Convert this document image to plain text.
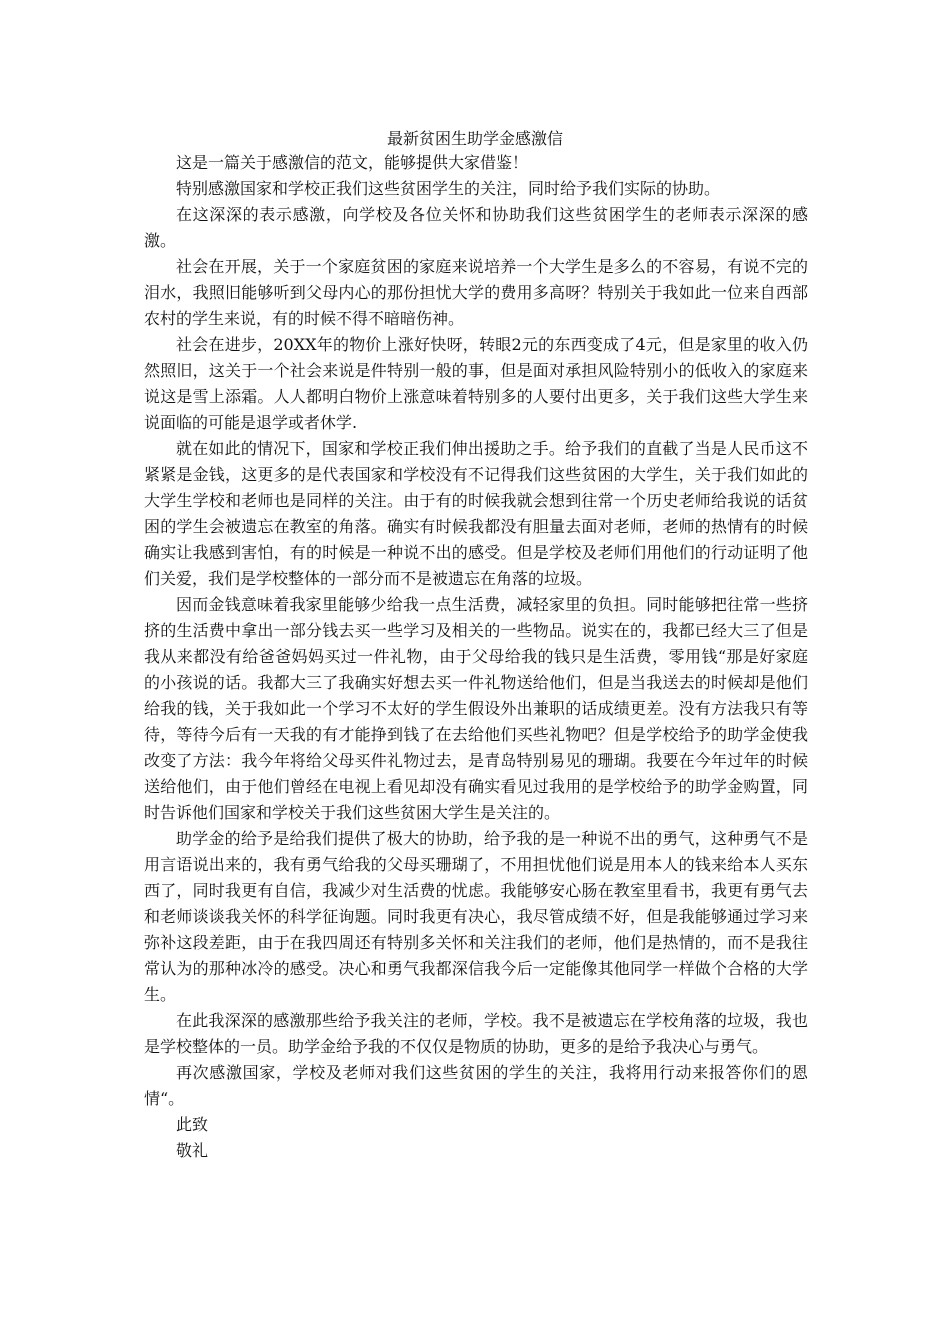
最新贫困生助学金感激信

这是一篇关于感激信的范文，能够提供大家借鉴！

特别感激国家和学校正我们这些贫困学生的关注，同时给予我们实际的协助。

在这深深的表示感激，向学校及各位关怀和协助我们这些贫困学生的老师表示深深的感激。

社会在开展，关于一个家庭贫困的家庭来说培养一个大学生是多么的不容易，有说不完的泪水，我照旧能够听到父母内心的那份担忧大学的费用多高呀？特别关于我如此一位来自西部农村的学生来说，有的时候不得不暗暗伤神。

社会在进步，20XX年的物价上涨好快呀，转眼2元的东西变成了4元，但是家里的收入仍然照旧，这关于一个社会来说是件特别一般的事，但是面对承担风险特别小的低收入的家庭来说这是雪上添霜。人人都明白物价上涨意味着特别多的人要付出更多，关于我们这些大学生来说面临的可能是退学或者休学.

就在如此的情况下，国家和学校正我们伸出援助之手。给予我们的直截了当是人民币这不紧紧是金钱，这更多的是代表国家和学校没有不记得我们这些贫困的大学生，关于我们如此的大学生学校和老师也是同样的关注。由于有的时候我就会想到往常一个历史老师给我说的话贫困的学生会被遗忘在教室的角落。确实有时候我都没有胆量去面对老师，老师的热情有的时候确实让我感到害怕，有的时候是一种说不出的感受。但是学校及老师们用他们的行动证明了他们关爱，我们是学校整体的一部分而不是被遗忘在角落的垃圾。

因而金钱意味着我家里能够少给我一点生活费，减轻家里的负担。同时能够把往常一些挤挤的生活费中拿出一部分钱去买一些学习及相关的一些物品。说实在的，我都已经大三了但是我从来都没有给爸爸妈妈买过一件礼物，由于父母给我的钱只是生活费，零用钱“那是好家庭的小孩说的话。我都大三了我确实好想去买一件礼物送给他们，但是当我送去的时候却是他们给我的钱，关于我如此一个学习不太好的学生假设外出兼职的话成绩更差。没有方法我只有等待，等待今后有一天我的有才能挣到钱了在去给他们买些礼物吧？但是学校给予的助学金使我改变了方法：我今年将给父母买件礼物过去，是青岛特别易见的珊瑚。我要在今年过年的时候送给他们，由于他们曾经在电视上看见却没有确实看见过我用的是学校给予的助学金购置，同时告诉他们国家和学校关于我们这些贫困大学生是关注的。

助学金的给予是给我们提供了极大的协助，给予我的是一种说不出的勇气，这种勇气不是用言语说出来的，我有勇气给我的父母买珊瑚了，不用担忧他们说是用本人的钱来给本人买东西了，同时我更有自信，我减少对生活费的忧虑。我能够安心肠在教室里看书，我更有勇气去和老师谈谈我关怀的科学征询题。同时我更有决心，我尽管成绩不好，但是我能够通过学习来弥补这段差距，由于在我四周还有特别多关怀和关注我们的老师，他们是热情的，而不是我往常认为的那种冰冷的感受。决心和勇气我都深信我今后一定能像其他同学一样做个合格的大学生。

在此我深深的感激那些给予我关注的老师，学校。我不是被遗忘在学校角落的垃圾，我也是学校整体的一员。助学金给予我的不仅仅是物质的协助，更多的是给予我决心与勇气。

再次感激国家，学校及老师对我们这些贫困的学生的关注，我将用行动来报答你们的恩情“。

此致

敬礼
